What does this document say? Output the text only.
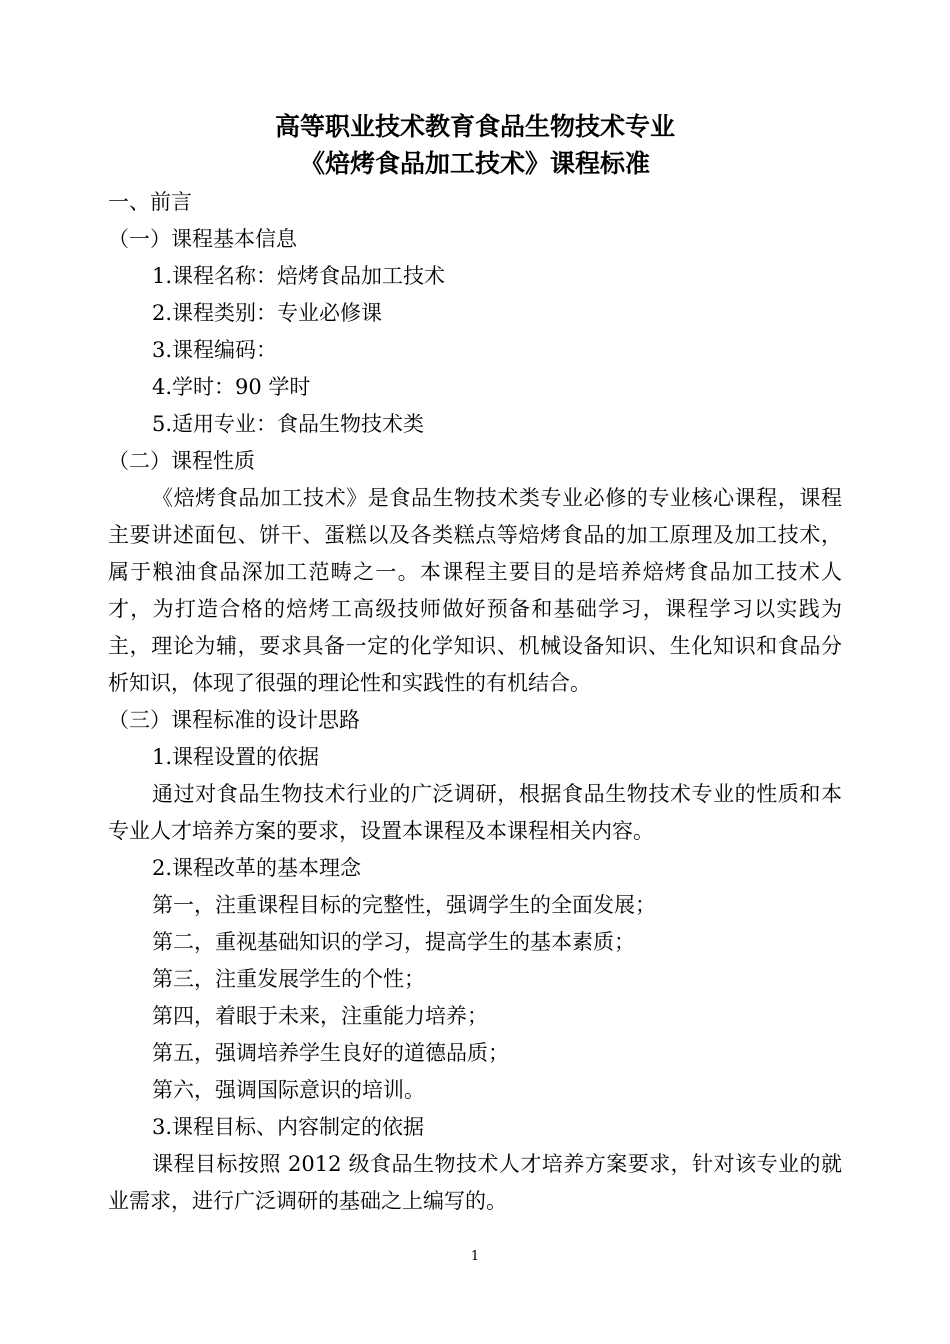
高等职业技术教育食品生物技术专业
《焙烤食品加工技术》课程标准
一、前言
（一）课程基本信息
1.课程名称：焙烤食品加工技术
2.课程类别：专业必修课
3.课程编码：
4.学时：90 学时
5.适用专业：食品生物技术类
（二）课程性质
《焙烤食品加工技术》是食品生物技术类专业必修的专业核心课程，课程主要讲述面包、饼干、蛋糕以及各类糕点等焙烤食品的加工原理及加工技术，属于粮油食品深加工范畴之一。本课程主要目的是培养焙烤食品加工技术人才，为打造合格的焙烤工高级技师做好预备和基础学习，课程学习以实践为主，理论为辅，要求具备一定的化学知识、机械设备知识、生化知识和食品分析知识，体现了很强的理论性和实践性的有机结合。
（三）课程标准的设计思路
1.课程设置的依据
通过对食品生物技术行业的广泛调研，根据食品生物技术专业的性质和本专业人才培养方案的要求，设置本课程及本课程相关内容。
2.课程改革的基本理念
第一，注重课程目标的完整性，强调学生的全面发展；
第二，重视基础知识的学习，提高学生的基本素质；
第三，注重发展学生的个性；
第四，着眼于未来，注重能力培养；
第五，强调培养学生良好的道德品质；
第六，强调国际意识的培训。
3.课程目标、内容制定的依据
课程目标按照 2012 级食品生物技术人才培养方案要求，针对该专业的就业需求，进行广泛调研的基础之上编写的。
1
